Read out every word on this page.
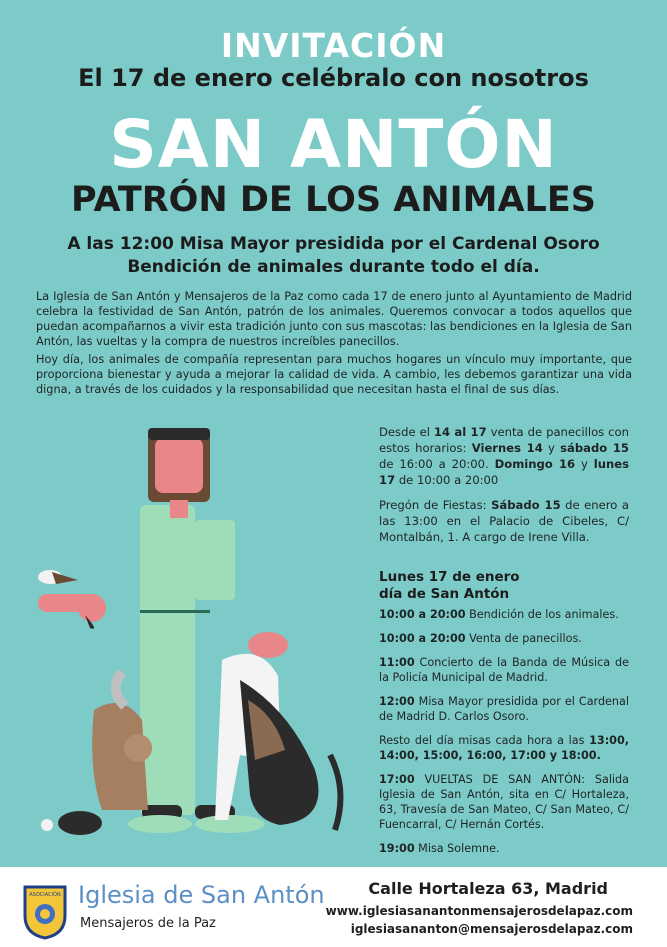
INVITACIÓN
El 17 de enero celébralo con nosotros
SAN ANTÓN
PATRÓN DE LOS ANIMALES
A las 12:00 Misa Mayor presidida por el Cardenal Osoro
Bendición de animales durante todo el día.

La Iglesia de San Antón y Mensajeros de la Paz como cada 17 de enero junto al Ayuntamiento de Madrid celebra la festividad de San Antón, patrón de los animales. Queremos convocar a todos aquellos que puedan acompañarnos a vivir esta tradición junto con sus mascotas: las bendiciones en la Iglesia de San Antón, las vueltas y la compra de nuestros increíbles panecillos.

Hoy día, los animales de compañía representan para muchos hogares un vínculo muy importante, que proporciona bienestar y ayuda a mejorar la calidad de vida. A cambio, les debemos garantizar una vida digna, a través de los cuidados y la responsabilidad que necesitan hasta el final de sus días.

Desde el 14 al 17 venta de panecillos con estos horarios: Viernes 14 y sábado 15 de 16:00 a 20:00. Domingo 16 y lunes 17 de 10:00 a 20:00

Pregón de Fiestas: Sábado 15 de enero a las 13:00 en el Palacio de Cibeles, C/ Montalbán, 1. A cargo de Irene Villa.

Lunes 17 de enero
día de San Antón

10:00 a 20:00 Bendición de los animales.

10:00 a 20:00 Venta de panecillos.

11:00 Concierto de la Banda de Música de la Policía Municipal de Madrid.

12:00 Misa Mayor presidida por el Cardenal de Madrid D. Carlos Osoro.

Resto del día misas cada hora a las 13:00, 14:00, 15:00, 16:00, 17:00 y 18:00.

17:00 VUELTAS DE SAN ANTÓN: Salida Iglesia de San Antón, sita en C/ Hortaleza, 63, Travesía de San Mateo, C/ San Mateo, C/ Fuencarral, C/ Hernán Cortés.

19:00 Misa Solemne.

ASOCIACIÓN Iglesia de San Antón
Mensajeros de la Paz
Calle Hortaleza 63, Madrid
www.iglesiasanantonmensajerosdelapaz.com
iglesiasananton@mensajerosdelapaz.com
